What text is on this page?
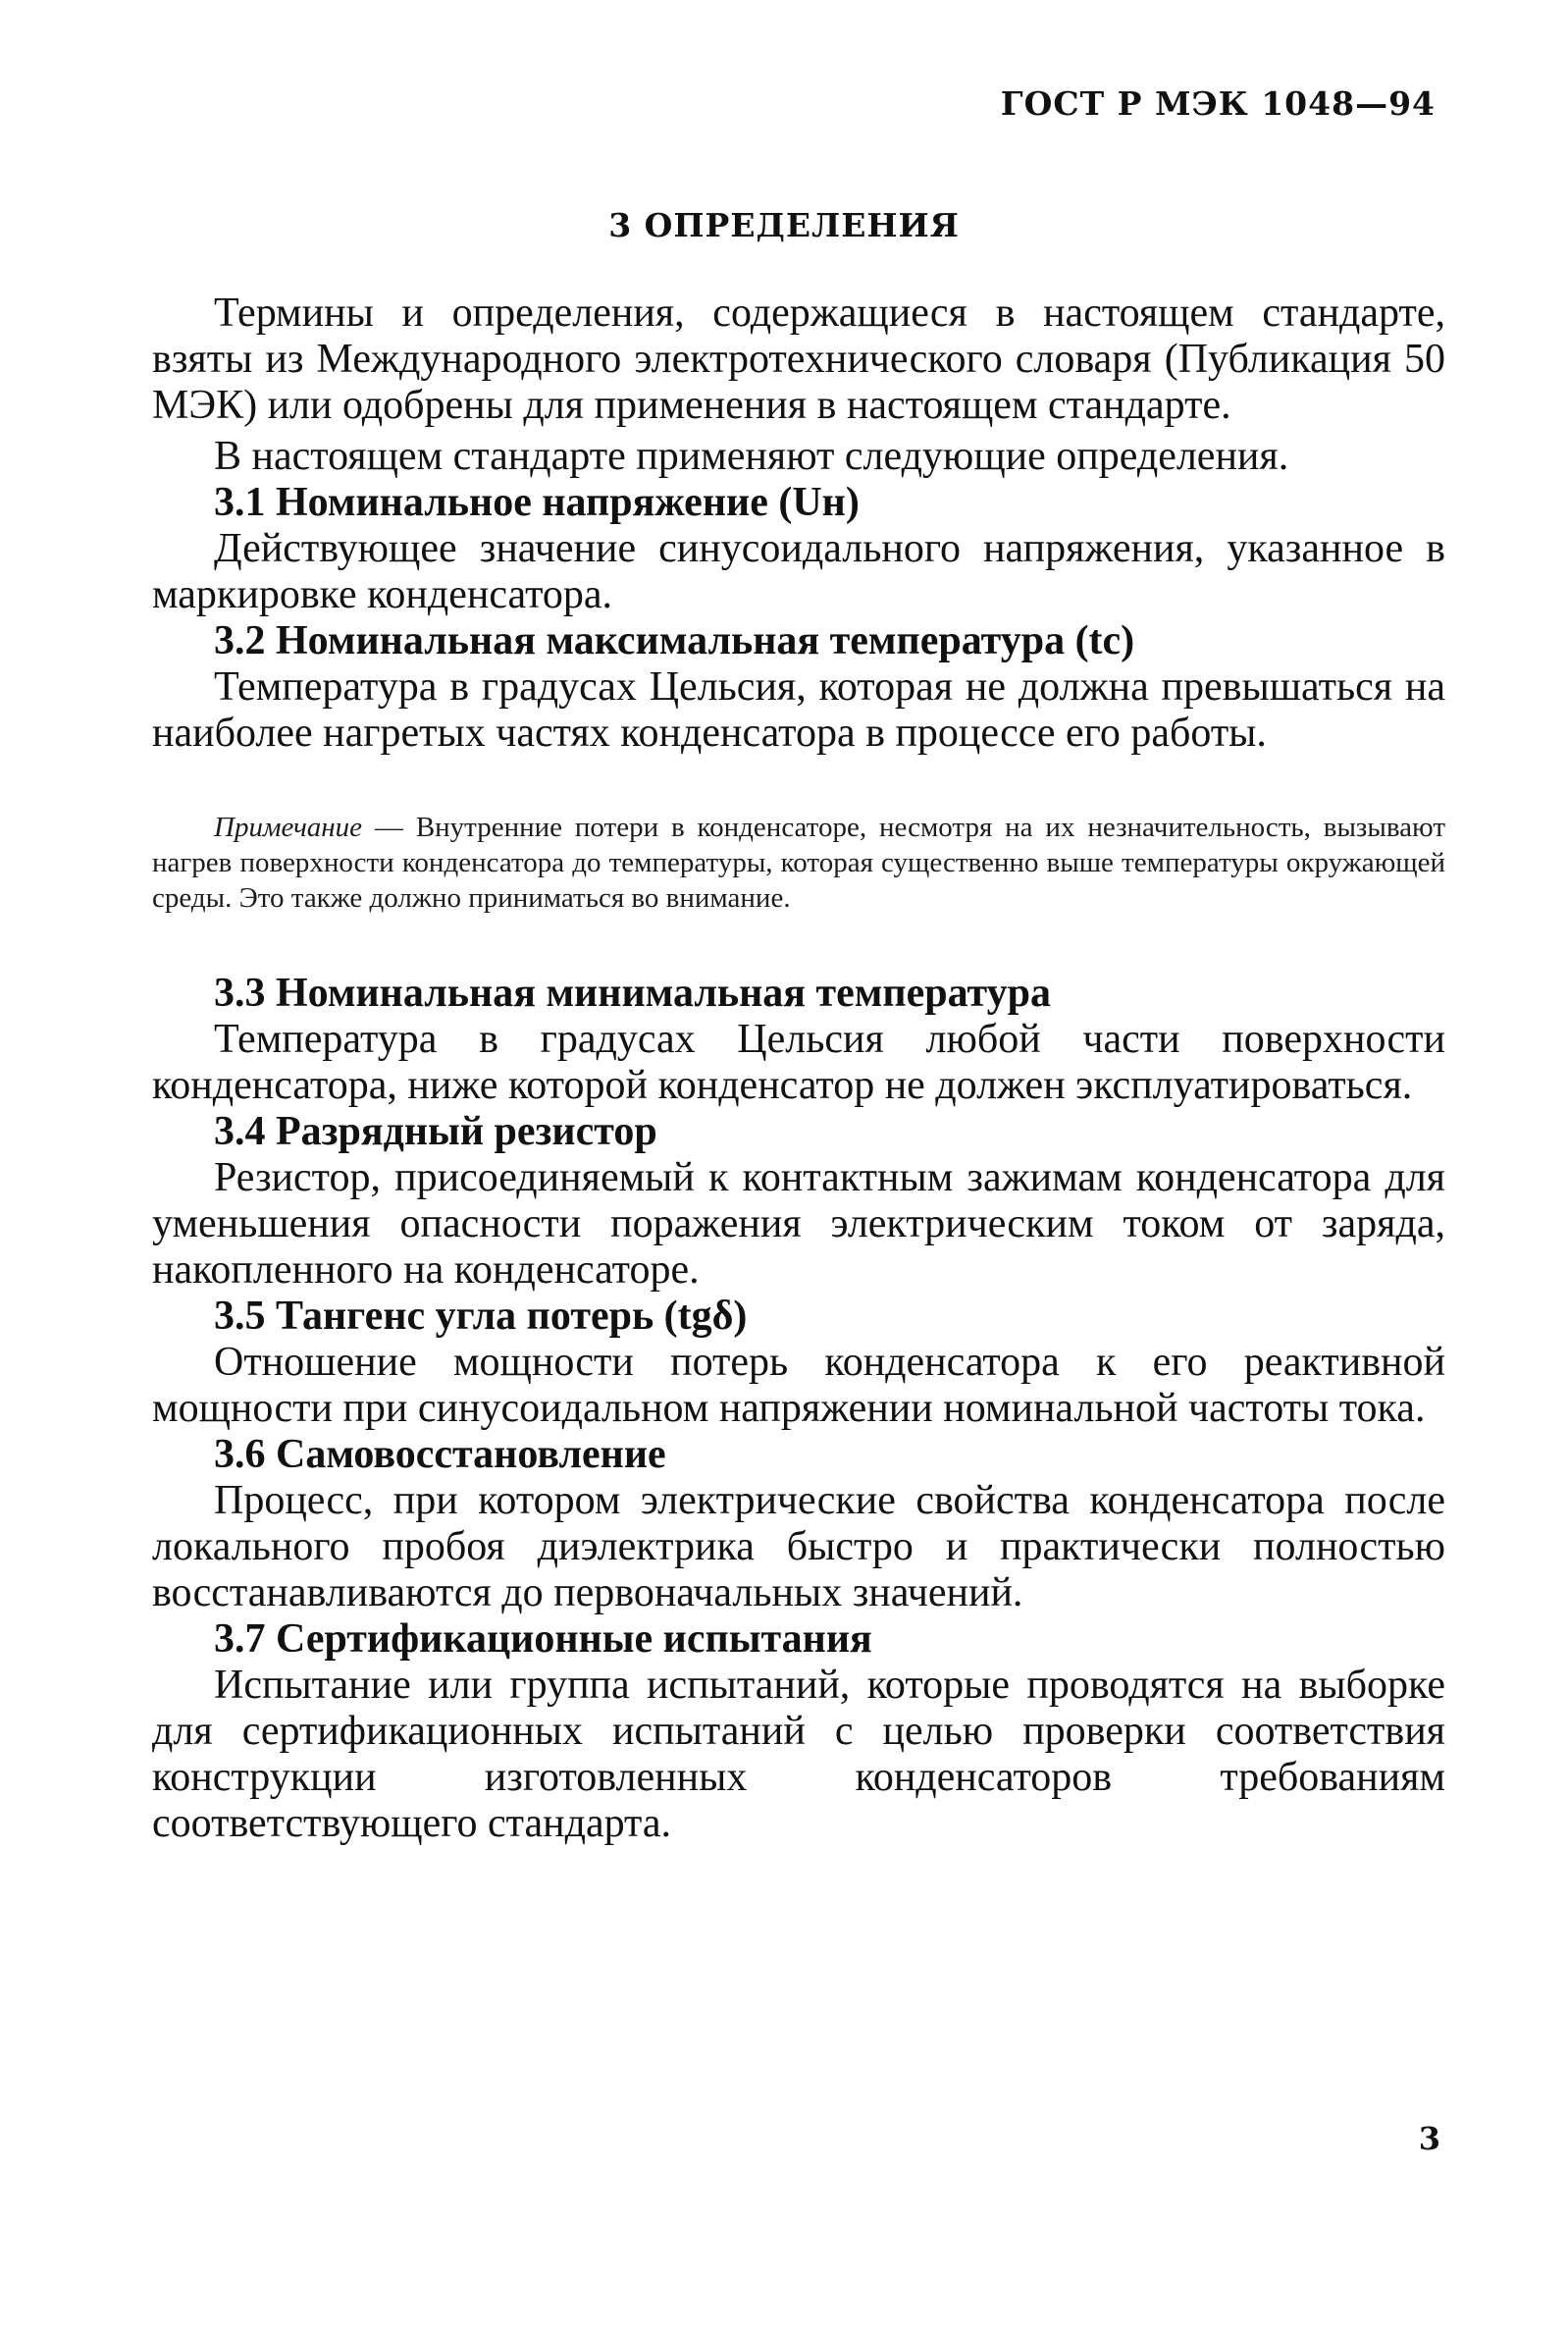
ГОСТ Р МЭК 1048—94
3 ОПРЕДЕЛЕНИЯ

Термины и определения, содержащиеся в настоящем стандарте, взяты из Международного электротехнического словаря (Публикация 50 МЭК) или одобрены для применения в настоящем стандарте.

В настоящем стандарте применяют следующие определения.

3.1 Номинальное напряжение (Uн)

Действующее значение синусоидального напряжения, указанное в маркировке конденсатора.

3.2 Номинальная максимальная температура (tc)

Температура в градусах Цельсия, которая не должна превышаться на наиболее нагретых частях конденсатора в процессе его работы.

Примечание — Внутренние потери в конденсаторе, несмотря на их незначительность, вызывают нагрев поверхности конденсатора до температуры, которая существенно выше температуры окружающей среды. Это также должно приниматься во внимание.

3.3 Номинальная минимальная температура

Температура в градусах Цельсия любой части поверхности конденсатора, ниже которой конденсатор не должен эксплуатироваться.

3.4 Разрядный резистор

Резистор, присоединяемый к контактным зажимам конденсатора для уменьшения опасности поражения электрическим током от заряда, накопленного на конденсаторе.

3.5 Тангенс угла потерь (tgδ)

Отношение мощности потерь конденсатора к его реактивной мощности при синусоидальном напряжении номинальной частоты тока.

3.6 Самовосстановление

Процесс, при котором электрические свойства конденсатора после локального пробоя диэлектрика быстро и практически полностью восстанавливаются до первоначальных значений.

3.7 Сертификационные испытания

Испытание или группа испытаний, которые проводятся на выборке для сертификационных испытаний с целью проверки соответствия конструкции изготовленных конденсаторов требованиям соответствующего стандарта.

3
